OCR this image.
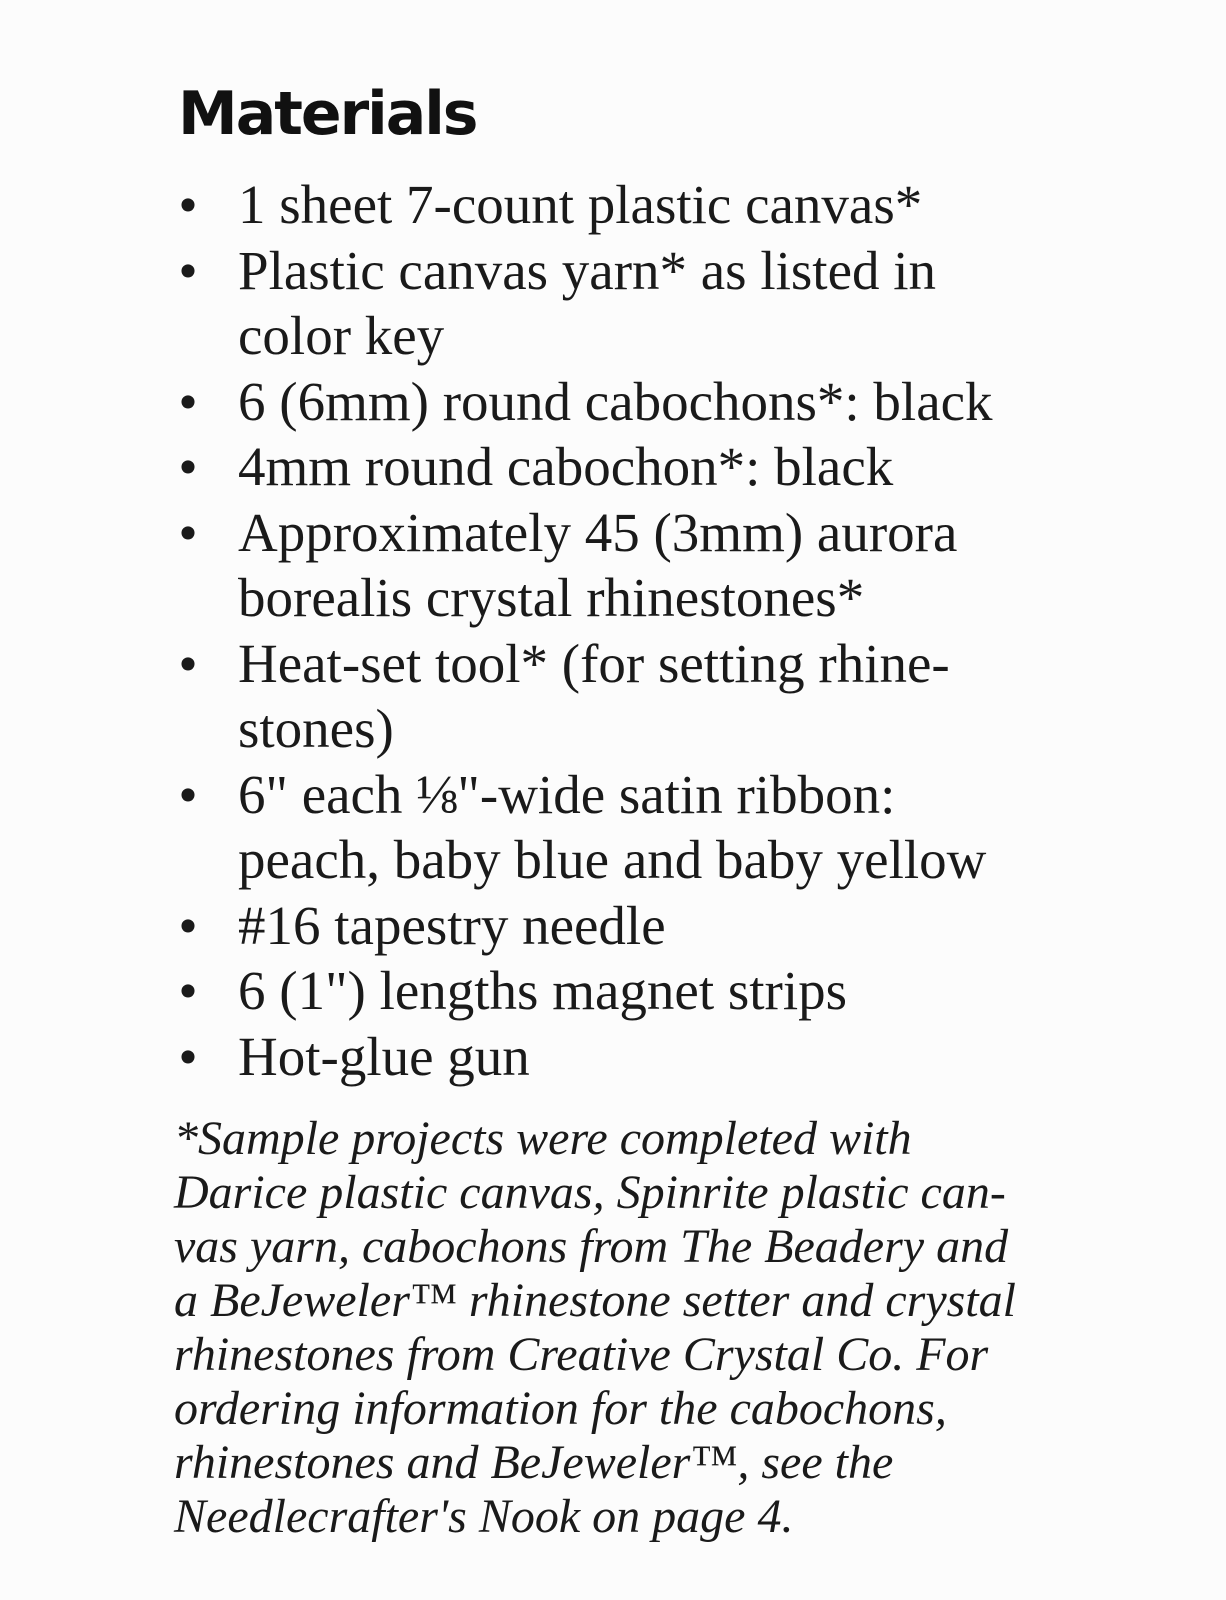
Materials
• 1 sheet 7-count plastic canvas*
• Plastic canvas yarn* as listed in
color key
• 6 (6mm) round cabochons*: black
• 4mm round cabochon*: black
• Approximately 45 (3mm) aurora
borealis crystal rhinestones*
• Heat-set tool* (for setting rhine-
stones)
• 6" each ⅛"-wide satin ribbon:
peach, baby blue and baby yellow
• #16 tapestry needle
• 6 (1") lengths magnet strips
• Hot-glue gun

*Sample projects were completed with
Darice plastic canvas, Spinrite plastic can-
vas yarn, cabochons from The Beadery and
a BeJeweler™ rhinestone setter and crystal
rhinestones from Creative Crystal Co. For
ordering information for the cabochons,
rhinestones and BeJeweler™, see the
Needlecrafter's Nook on page 4.
